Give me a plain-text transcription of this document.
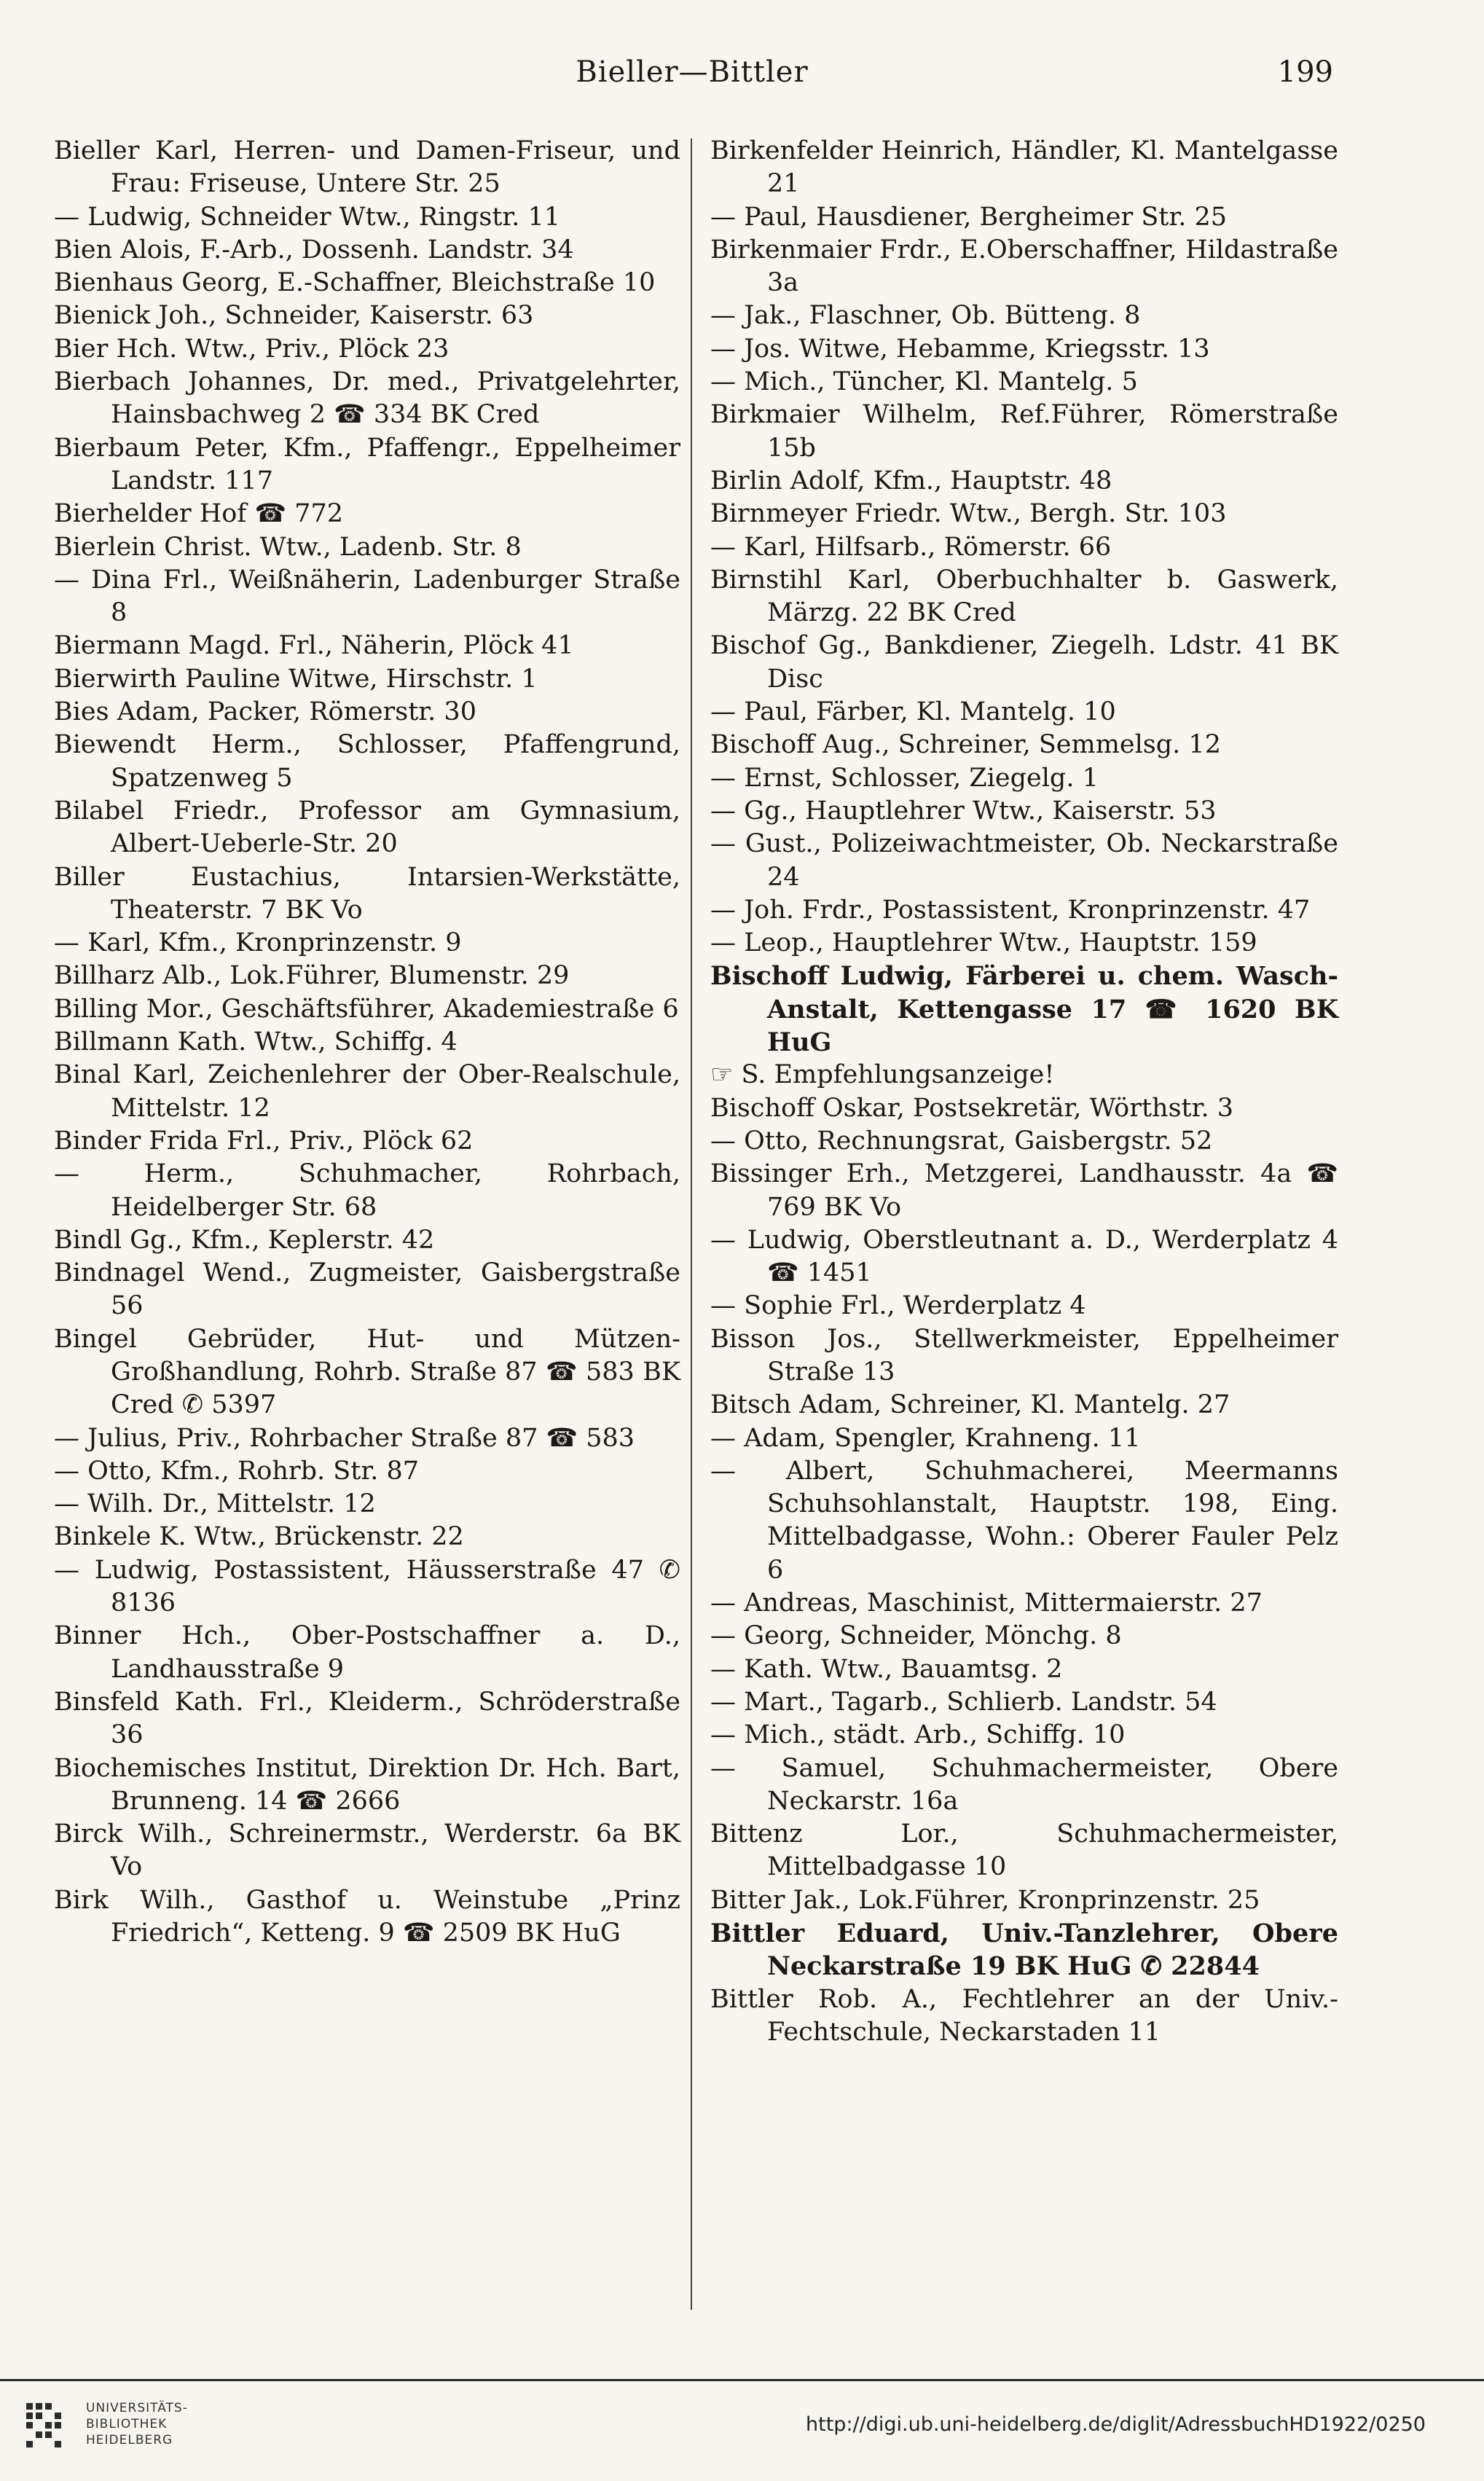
Bieller—Bittler	199

Bieller Karl, Herren- und Damen-Friseur, und Frau: Friseuse, Untere Str. 25

— Ludwig, Schneider Wtw., Ringstr. 11

Bien Alois, F.-Arb., Dossenh. Landstr. 34

Bienhaus Georg, E.-Schaffner, Bleichstraße 10

Bienick Joh., Schneider, Kaiserstr. 63

Bier Hch. Wtw., Priv., Plöck 23

Bierbach Johannes, Dr. med., Privatgelehrter, Hainsbachweg 2 ☎ 334 BK Cred

Bierbaum Peter, Kfm., Pfaffengr., Eppelheimer Landstr. 117

Bierhelder Hof ☎ 772

Bierlein Christ. Wtw., Ladenb. Str. 8

— Dina Frl., Weißnäherin, Ladenburger Straße 8

Biermann Magd. Frl., Näherin, Plöck 41

Bierwirth Pauline Witwe, Hirschstr. 1

Bies Adam, Packer, Römerstr. 30

Biewendt Herm., Schlosser, Pfaffengrund, Spatzenweg 5

Bilabel Friedr., Professor am Gymnasium, Albert-Ueberle-Str. 20

Biller Eustachius, Intarsien-Werkstätte, Theaterstr. 7 BK Vo

— Karl, Kfm., Kronprinzenstr. 9

Billharz Alb., Lok.Führer, Blumenstr. 29

Billing Mor., Geschäftsführer, Akademiestraße 6

Billmann Kath. Wtw., Schiffg. 4

Binal Karl, Zeichenlehrer der Ober-Realschule, Mittelstr. 12

Binder Frida Frl., Priv., Plöck 62

— Herm., Schuhmacher, Rohrbach, Heidelberger Str. 68

Bindl Gg., Kfm., Keplerstr. 42

Bindnagel Wend., Zugmeister, Gaisbergstraße 56

Bingel Gebrüder, Hut- und Mützen-Großhandlung, Rohrb. Straße 87 ☎ 583 BK Cred ✆ 5397

— Julius, Priv., Rohrbacher Straße 87 ☎ 583

— Otto, Kfm., Rohrb. Str. 87

— Wilh. Dr., Mittelstr. 12

Binkele K. Wtw., Brückenstr. 22

— Ludwig, Postassistent, Häusserstraße 47 ✆ 8136

Binner Hch., Ober-Postschaffner a. D., Landhausstraße 9

Binsfeld Kath. Frl., Kleiderm., Schröderstraße 36

Biochemisches Institut, Direktion Dr. Hch. Bart, Brunneng. 14 ☎ 2666

Birck Wilh., Schreinermstr., Werderstr. 6a BK Vo

Birk Wilh., Gasthof u. Weinstube „Prinz Friedrich“, Ketteng. 9 ☎ 2509 BK HuG

Birkenfelder Heinrich, Händler, Kl. Mantelgasse 21

— Paul, Hausdiener, Bergheimer Str. 25

Birkenmaier Frdr., E.Oberschaffner, Hildastraße 3a

— Jak., Flaschner, Ob. Bütteng. 8

— Jos. Witwe, Hebamme, Kriegsstr. 13

— Mich., Tüncher, Kl. Mantelg. 5

Birkmaier Wilhelm, Ref.Führer, Römerstraße 15b

Birlin Adolf, Kfm., Hauptstr. 48

Birnmeyer Friedr. Wtw., Bergh. Str. 103

— Karl, Hilfsarb., Römerstr. 66

Birnstihl Karl, Oberbuchhalter b. Gaswerk, Märzg. 22 BK Cred

Bischof Gg., Bankdiener, Ziegelh. Ldstr. 41 BK Disc

— Paul, Färber, Kl. Mantelg. 10

Bischoff Aug., Schreiner, Semmelsg. 12

— Ernst, Schlosser, Ziegelg. 1

— Gg., Hauptlehrer Wtw., Kaiserstr. 53

— Gust., Polizeiwachtmeister, Ob. Neckarstraße 24

— Joh. Frdr., Postassistent, Kronprinzenstr. 47

— Leop., Hauptlehrer Wtw., Hauptstr. 159

Bischoff Ludwig, Färberei u. chem. Wasch-Anstalt, Kettengasse 17 ☎ 1620 BK HuG

☞ S. Empfehlungsanzeige!

Bischoff Oskar, Postsekretär, Wörthstr. 3

— Otto, Rechnungsrat, Gaisbergstr. 52

Bissinger Erh., Metzgerei, Landhausstr. 4a ☎ 769 BK Vo

— Ludwig, Oberstleutnant a. D., Werderplatz 4 ☎ 1451

— Sophie Frl., Werderplatz 4

Bisson Jos., Stellwerkmeister, Eppelheimer Straße 13

Bitsch Adam, Schreiner, Kl. Mantelg. 27

— Adam, Spengler, Krahneng. 11

— Albert, Schuhmacherei, Meermanns Schuhsohlanstalt, Hauptstr. 198, Eing. Mittelbadgasse, Wohn.: Oberer Fauler Pelz 6

— Andreas, Maschinist, Mittermaierstr. 27

— Georg, Schneider, Mönchg. 8

— Kath. Wtw., Bauamtsg. 2

— Mart., Tagarb., Schlierb. Landstr. 54

— Mich., städt. Arb., Schiffg. 10

— Samuel, Schuhmachermeister, Obere Neckarstr. 16a

Bittenz Lor., Schuhmachermeister, Mittelbadgasse 10

Bitter Jak., Lok.Führer, Kronprinzenstr. 25

Bittler Eduard, Univ.-Tanzlehrer, Obere Neckarstraße 19 BK HuG ✆ 22844

Bittler Rob. A., Fechtlehrer an der Univ.-Fechtschule, Neckarstaden 11

UNIVERSITÄTS-
BIBLIOTHEK
HEIDELBERG
http://digi.ub.uni-heidelberg.de/diglit/AdressbuchHD1922/0250
